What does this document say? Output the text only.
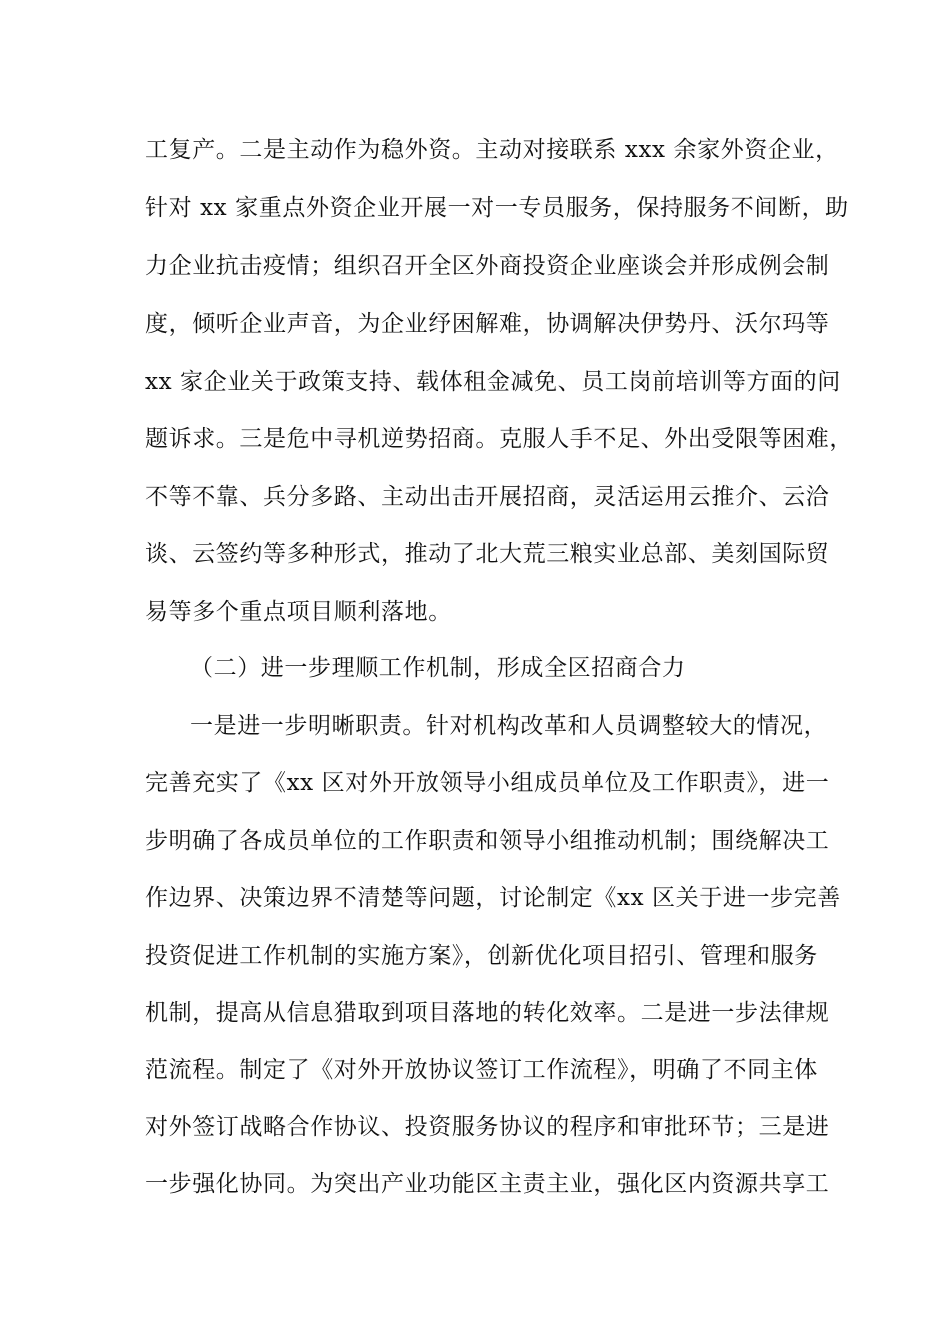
工复产。二是主动作为稳外资。主动对接联系 xxx 余家外资企业，
针对 xx 家重点外资企业开展一对一专员服务，保持服务不间断，助
力企业抗击疫情；组织召开全区外商投资企业座谈会并形成例会制
度，倾听企业声音，为企业纾困解难，协调解决伊势丹、沃尔玛等
xx 家企业关于政策支持、载体租金减免、员工岗前培训等方面的问
题诉求。三是危中寻机逆势招商。克服人手不足、外出受限等困难，
不等不靠、兵分多路、主动出击开展招商，灵活运用云推介、云洽
谈、云签约等多种形式，推动了北大荒三粮实业总部、美刻国际贸
易等多个重点项目顺利落地。
（二）进一步理顺工作机制，形成全区招商合力
一是进一步明晰职责。针对机构改革和人员调整较大的情况，
完善充实了《xx 区对外开放领导小组成员单位及工作职责》，进一
步明确了各成员单位的工作职责和领导小组推动机制；围绕解决工
作边界、决策边界不清楚等问题，讨论制定《xx 区关于进一步完善
投资促进工作机制的实施方案》，创新优化项目招引、管理和服务
机制，提高从信息猎取到项目落地的转化效率。二是进一步法律规
范流程。制定了《对外开放协议签订工作流程》，明确了不同主体
对外签订战略合作协议、投资服务协议的程序和审批环节；三是进
一步强化协同。为突出产业功能区主责主业，强化区内资源共享工
